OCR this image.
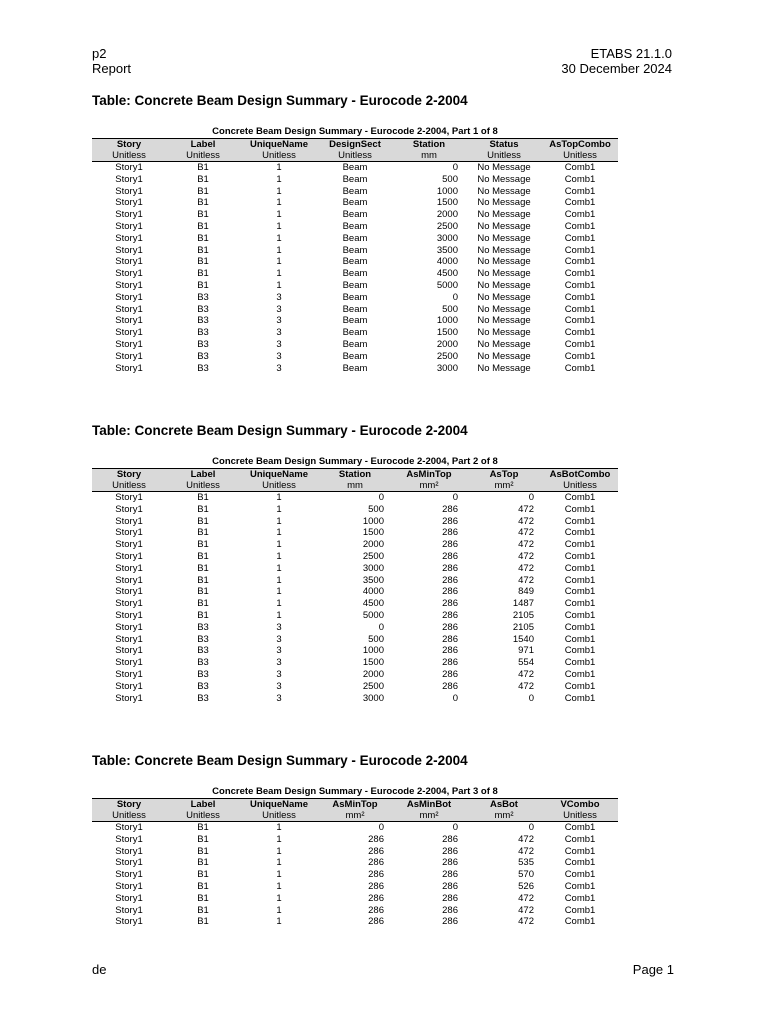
p2
Report
ETABS 21.1.0
30 December 2024
Table: Concrete Beam Design Summary - Eurocode 2-2004
Concrete Beam Design Summary - Eurocode 2-2004, Part 1 of 8
Story	Label	UniqueName	DesignSect	Station	Status	AsTopCombo
Unitless	Unitless	Unitless	Unitless	mm	Unitless	Unitless
Story1	B1	1	Beam	0	No Message	Comb1
Story1	B1	1	Beam	500	No Message	Comb1
Story1	B1	1	Beam	1000	No Message	Comb1
Story1	B1	1	Beam	1500	No Message	Comb1
Story1	B1	1	Beam	2000	No Message	Comb1
Story1	B1	1	Beam	2500	No Message	Comb1
Story1	B1	1	Beam	3000	No Message	Comb1
Story1	B1	1	Beam	3500	No Message	Comb1
Story1	B1	1	Beam	4000	No Message	Comb1
Story1	B1	1	Beam	4500	No Message	Comb1
Story1	B1	1	Beam	5000	No Message	Comb1
Story1	B3	3	Beam	0	No Message	Comb1
Story1	B3	3	Beam	500	No Message	Comb1
Story1	B3	3	Beam	1000	No Message	Comb1
Story1	B3	3	Beam	1500	No Message	Comb1
Story1	B3	3	Beam	2000	No Message	Comb1
Story1	B3	3	Beam	2500	No Message	Comb1
Story1	B3	3	Beam	3000	No Message	Comb1
Table: Concrete Beam Design Summary - Eurocode 2-2004
Concrete Beam Design Summary - Eurocode 2-2004, Part 2 of 8
Story	Label	UniqueName	Station	AsMinTop	AsTop	AsBotCombo
Unitless	Unitless	Unitless	mm	mm²	mm²	Unitless
Story1	B1	1	0	0	0	Comb1
Story1	B1	1	500	286	472	Comb1
Story1	B1	1	1000	286	472	Comb1
Story1	B1	1	1500	286	472	Comb1
Story1	B1	1	2000	286	472	Comb1
Story1	B1	1	2500	286	472	Comb1
Story1	B1	1	3000	286	472	Comb1
Story1	B1	1	3500	286	472	Comb1
Story1	B1	1	4000	286	849	Comb1
Story1	B1	1	4500	286	1487	Comb1
Story1	B1	1	5000	286	2105	Comb1
Story1	B3	3	0	286	2105	Comb1
Story1	B3	3	500	286	1540	Comb1
Story1	B3	3	1000	286	971	Comb1
Story1	B3	3	1500	286	554	Comb1
Story1	B3	3	2000	286	472	Comb1
Story1	B3	3	2500	286	472	Comb1
Story1	B3	3	3000	0	0	Comb1
Table: Concrete Beam Design Summary - Eurocode 2-2004
Concrete Beam Design Summary - Eurocode 2-2004, Part 3 of 8
Story	Label	UniqueName	AsMinTop	AsMinBot	AsBot	VCombo
Unitless	Unitless	Unitless	mm²	mm²	mm²	Unitless
Story1	B1	1	0	0	0	Comb1
Story1	B1	1	286	286	472	Comb1
Story1	B1	1	286	286	472	Comb1
Story1	B1	1	286	286	535	Comb1
Story1	B1	1	286	286	570	Comb1
Story1	B1	1	286	286	526	Comb1
Story1	B1	1	286	286	472	Comb1
Story1	B1	1	286	286	472	Comb1
Story1	B1	1	286	286	472	Comb1
de	Page 1
